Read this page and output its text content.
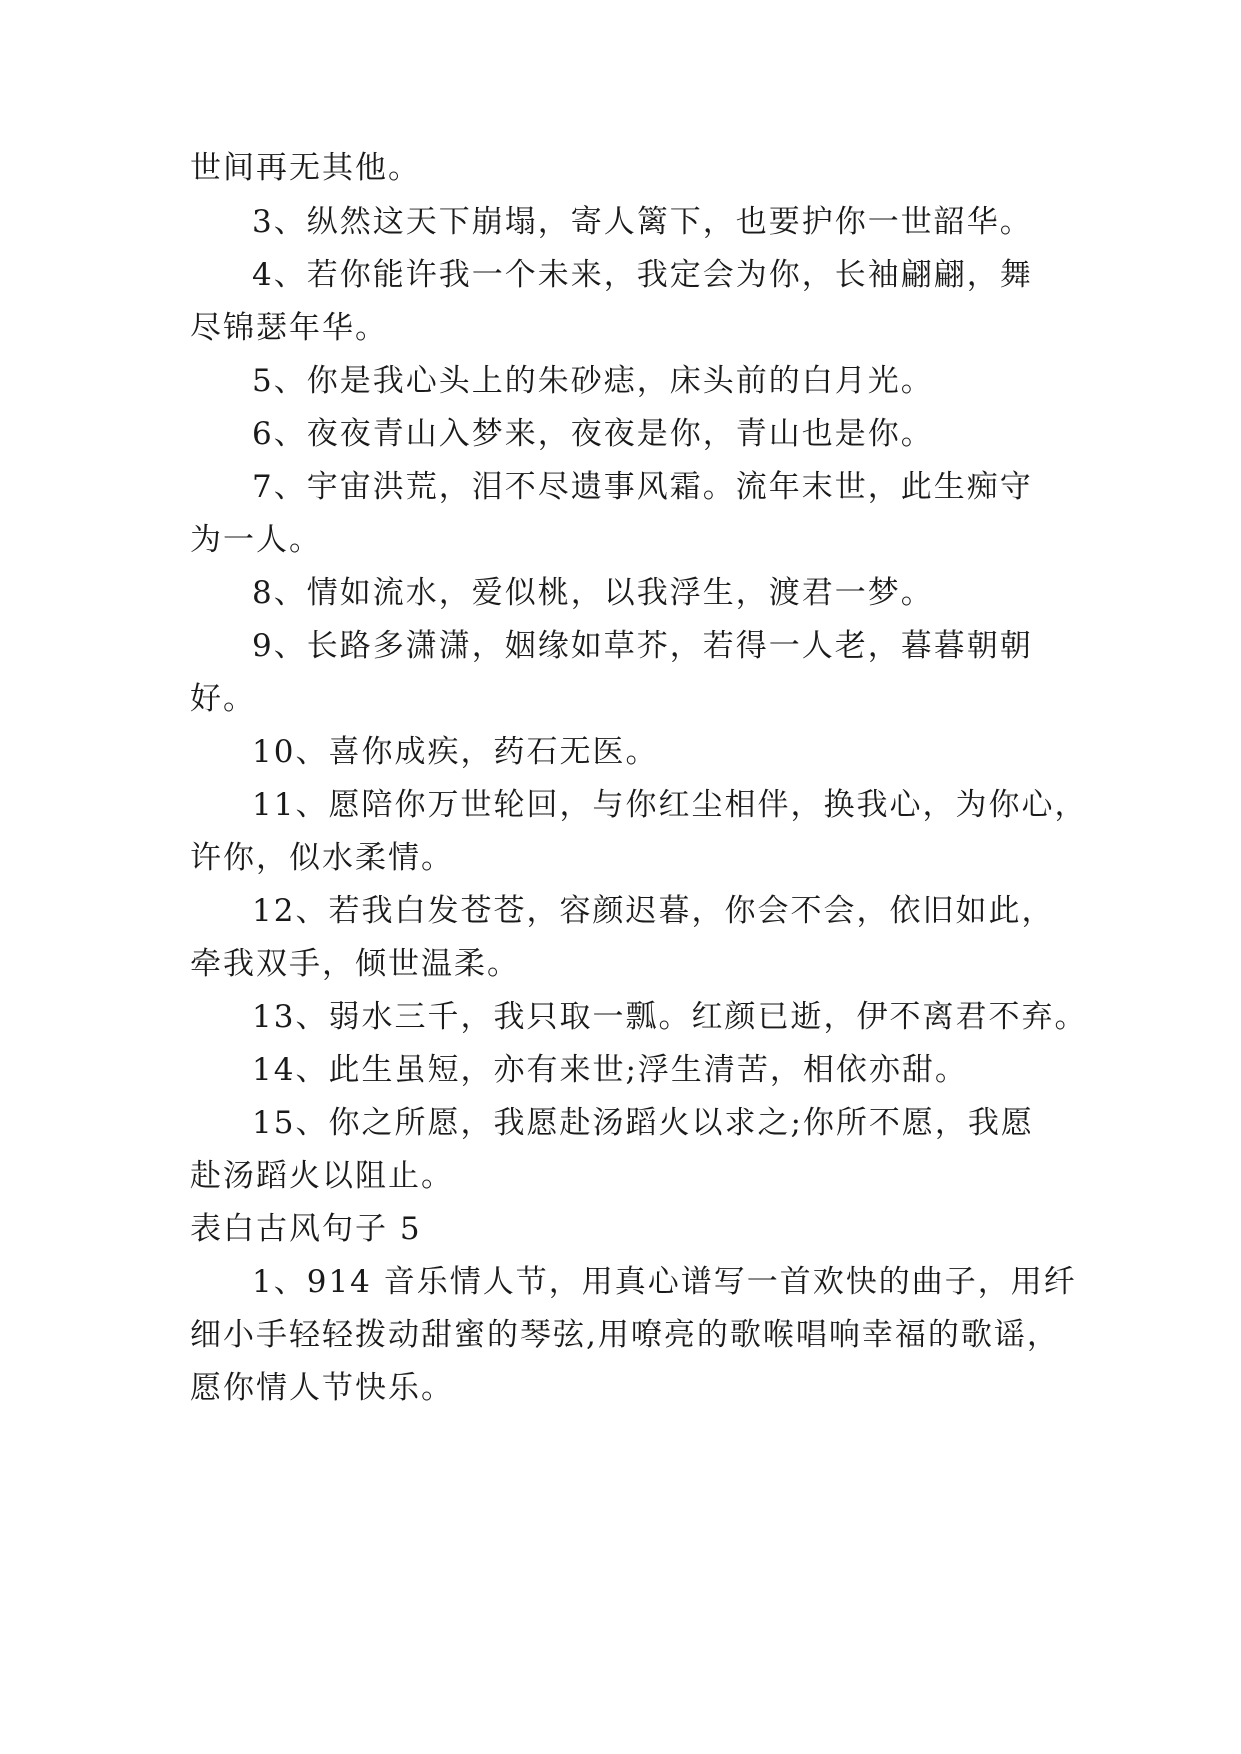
世间再无其他。
3、纵然这天下崩塌，寄人篱下，也要护你一世韶华。
4、若你能许我一个未来，我定会为你，长袖翩翩，舞
尽锦瑟年华。
5、你是我心头上的朱砂痣，床头前的白月光。
6、夜夜青山入梦来，夜夜是你，青山也是你。
7、宇宙洪荒，泪不尽遗事风霜。流年末世，此生痴守
为一人。
8、情如流水，爱似桃，以我浮生，渡君一梦。
9、长路多潇潇，姻缘如草芥，若得一人老，暮暮朝朝
好。
10、喜你成疾，药石无医。
11、愿陪你万世轮回，与你红尘相伴，换我心，为你心，
许你，似水柔情。
12、若我白发苍苍，容颜迟暮，你会不会，依旧如此，
牵我双手，倾世温柔。
13、弱水三千，我只取一瓢。红颜已逝，伊不离君不弃。
14、此生虽短，亦有来世;浮生清苦，相依亦甜。
15、你之所愿，我愿赴汤蹈火以求之;你所不愿，我愿
赴汤蹈火以阻止。
表白古风句子 5
1、914 音乐情人节，用真心谱写一首欢快的曲子，用纤
细小手轻轻拨动甜蜜的琴弦,用嘹亮的歌喉唱响幸福的歌谣，
愿你情人节快乐。
